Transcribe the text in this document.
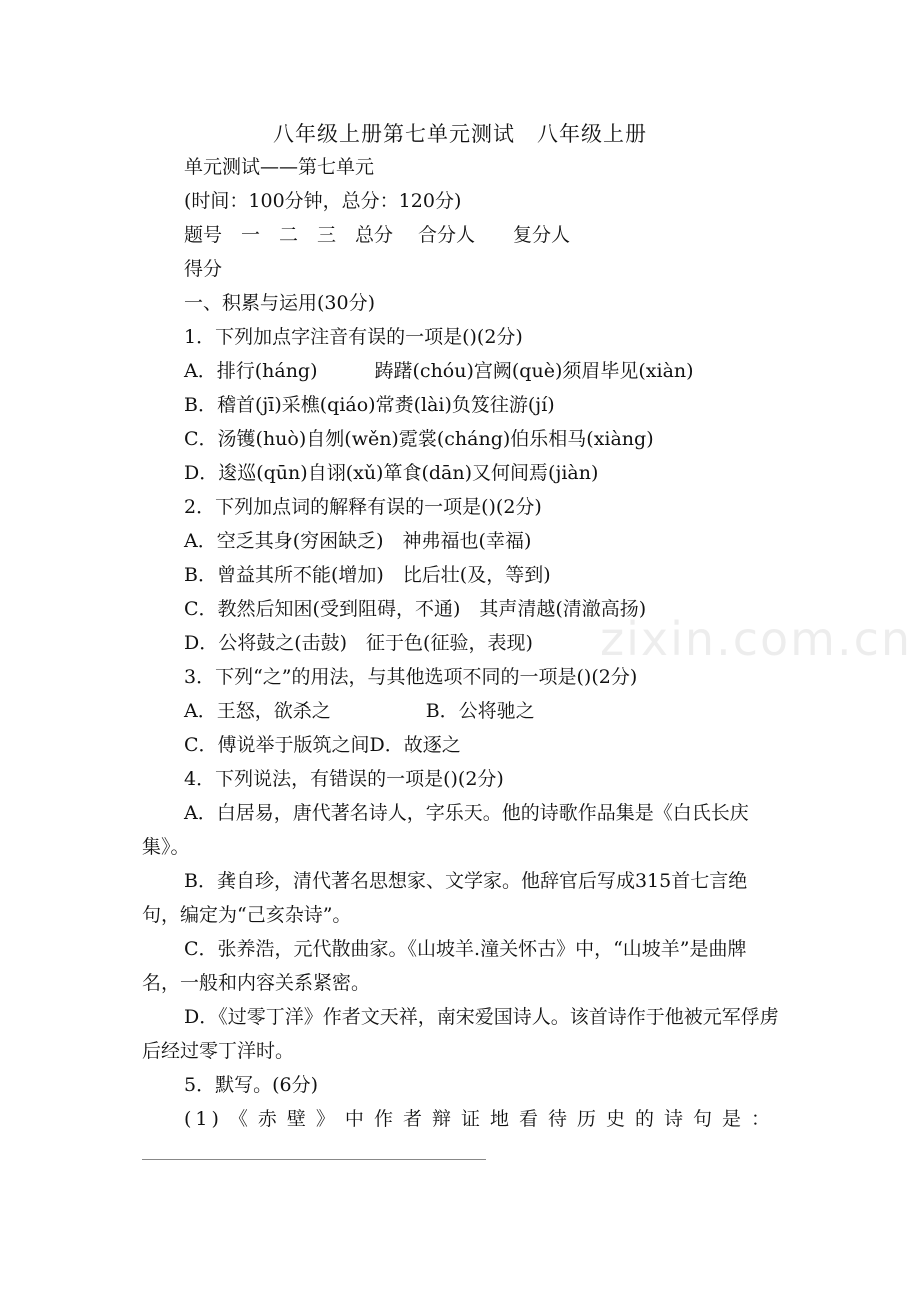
八年级上册第七单元测试　八年级上册
单元测试——第七单元
(时间：100分钟，总分：120分)
题号　一　二　三　总分　 合分人　　复分人
得分
一、积累与运用(30分)
1．下列加点字注音有误的一项是()(2分)
A．排行(háng)　　　踌躇(chóu)宫阙(què)须眉毕见(xiàn)
B．稽首(jī)采樵(qiáo)常赉(lài)负笈往游(jí)
C．汤镬(huò)自刎(wěn)霓裳(cháng)伯乐相马(xiàng)
D．逡巡(qūn)自诩(xǔ)箪食(dān)又何间焉(jiàn)
2．下列加点词的解释有误的一项是()(2分)
A．空乏其身(穷困缺乏)　神弗福也(幸福)
B．曾益其所不能(增加)　比后壮(及，等到)
C．教然后知困(受到阻碍，不通)　其声清越(清澈高扬)
D．公将鼓之(击鼓)　征于色(征验，表现)
3．下列“之”的用法，与其他选项不同的一项是()(2分)
A．王怒，欲杀之　　　　　B．公将驰之
C．傅说举于版筑之间D．故逐之
4．下列说法，有错误的一项是()(2分)
A．白居易，唐代著名诗人，字乐天。他的诗歌作品集是《白氏长庆集》。
B．龚自珍，清代著名思想家、文学家。他辞官后写成315首七言绝句，编定为“己亥杂诗”。
C．张养浩，元代散曲家。《山坡羊.潼关怀古》中，“山坡羊”是曲牌名，一般和内容关系紧密。
D．《过零丁洋》作者文天祥，南宋爱国诗人。该首诗作于他被元军俘虏后经过零丁洋时。
5．默写。(6分)
(1)《赤壁》中作者辩证地看待历史的诗句是：
zixin.com.cn
